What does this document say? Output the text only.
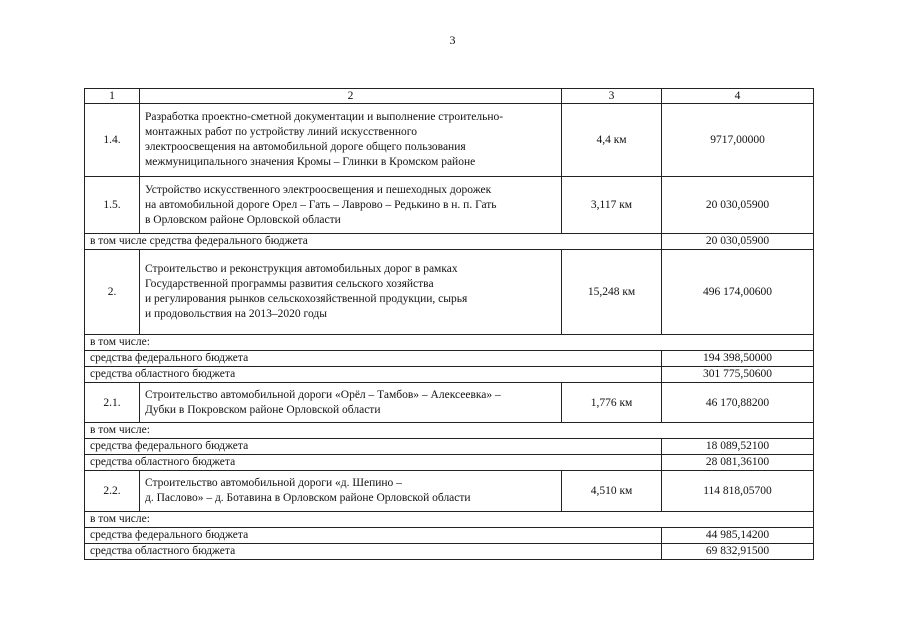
3
1	2	3	4
1.4.	Разработка проектно-сметной документации и выполнение строительно-
монтажных работ по устройству линий искусственного
электроосвещения на автомобильной дороге общего пользования
межмуниципального значения Кромы – Глинки в Кромском районе	4,4 км	9717,00000
1.5.	Устройство искусственного электроосвещения и пешеходных дорожек
на автомобильной дороге Орел – Гать – Лаврово – Редькино в н. п. Гать
в Орловском районе Орловской области	3,117 км	20 030,05900
в том числе средства федерального бюджета			20 030,05900
2.	Строительство и реконструкция автомобильных дорог в рамках
Государственной программы развития сельского хозяйства
и регулирования рынков сельскохозяйственной продукции, сырья
и продовольствия на 2013–2020 годы	15,248 км	496 174,00600
в том числе:			
средства федерального бюджета			194 398,50000
средства областного бюджета			301 775,50600
2.1.	Строительство автомобильной дороги «Орёл – Тамбов» – Алексеевка» –
Дубки в Покровском районе Орловской области	1,776 км	46 170,88200
в том числе:			
средства федерального бюджета			18 089,52100
средства областного бюджета			28 081,36100
2.2.	Строительство автомобильной дороги «д. Шепино –
д. Паслово» – д. Ботавина в Орловском районе Орловской области	4,510 км	114 818,05700
в том числе:			
средства федерального бюджета			44 985,14200
средства областного бюджета			69 832,91500
